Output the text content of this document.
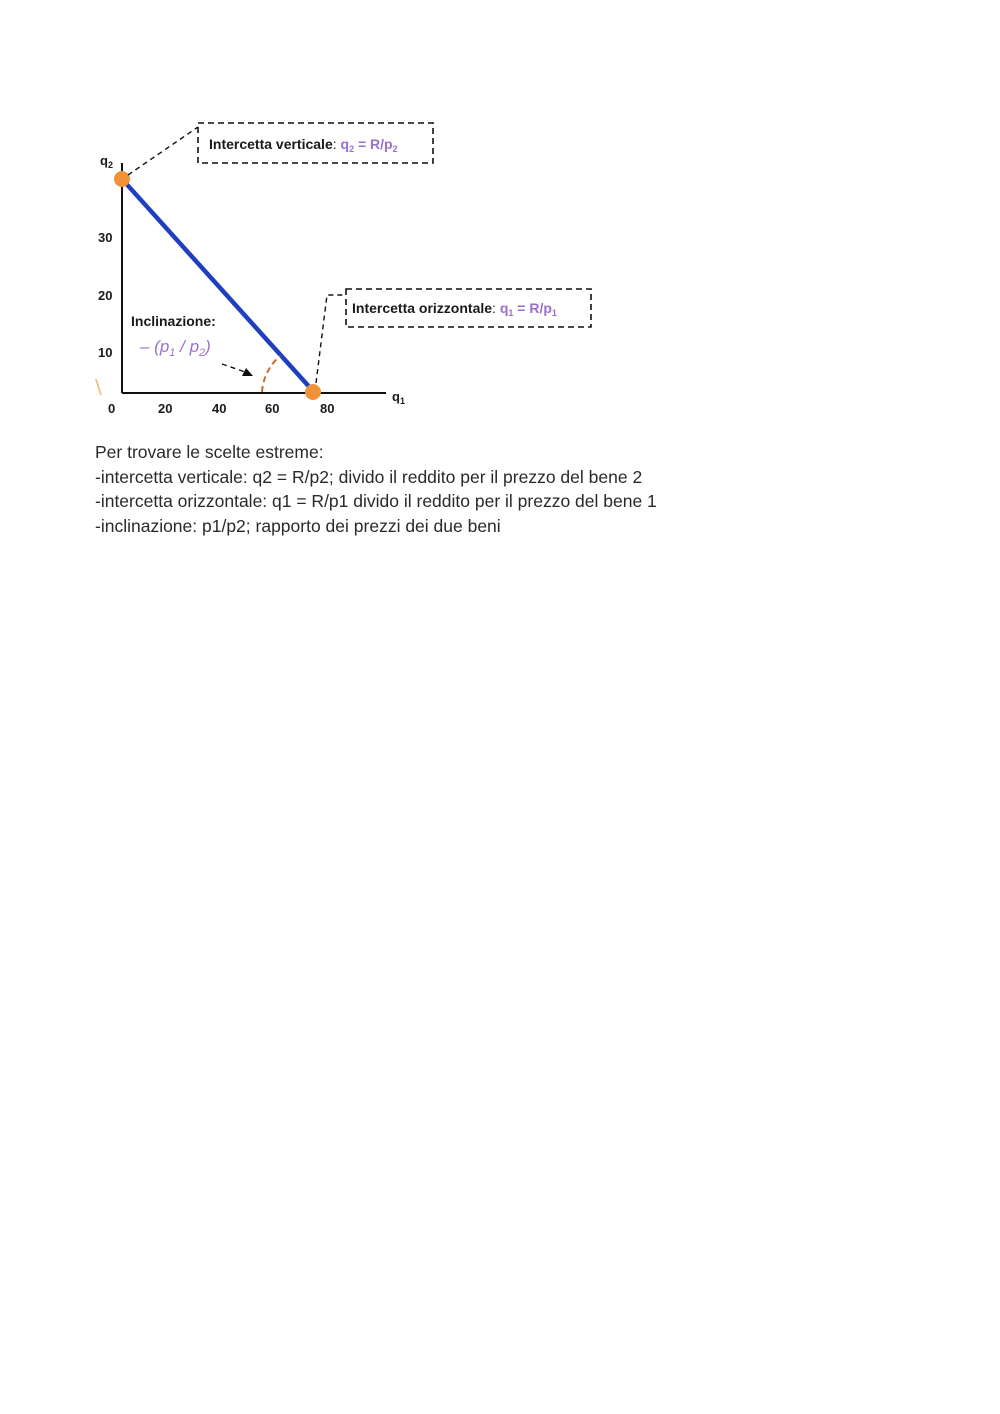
$q_2$
$q_1$
30
20
10
0	20	40	60	80
Intercetta verticale: $q_2 = R/p_2$
Intercetta orizzontale: $q_1 = R/p_1$
Inclinazione:
– $(p_1 / p_2)$
Per trovare le scelte estreme:
-intercetta verticale: q2 = R/p2; divido il reddito per il prezzo del bene 2
-intercetta orizzontale: q1 = R/p1 divido il reddito per il prezzo del bene 1
-inclinazione: p1/p2; rapporto dei prezzi dei due beni
